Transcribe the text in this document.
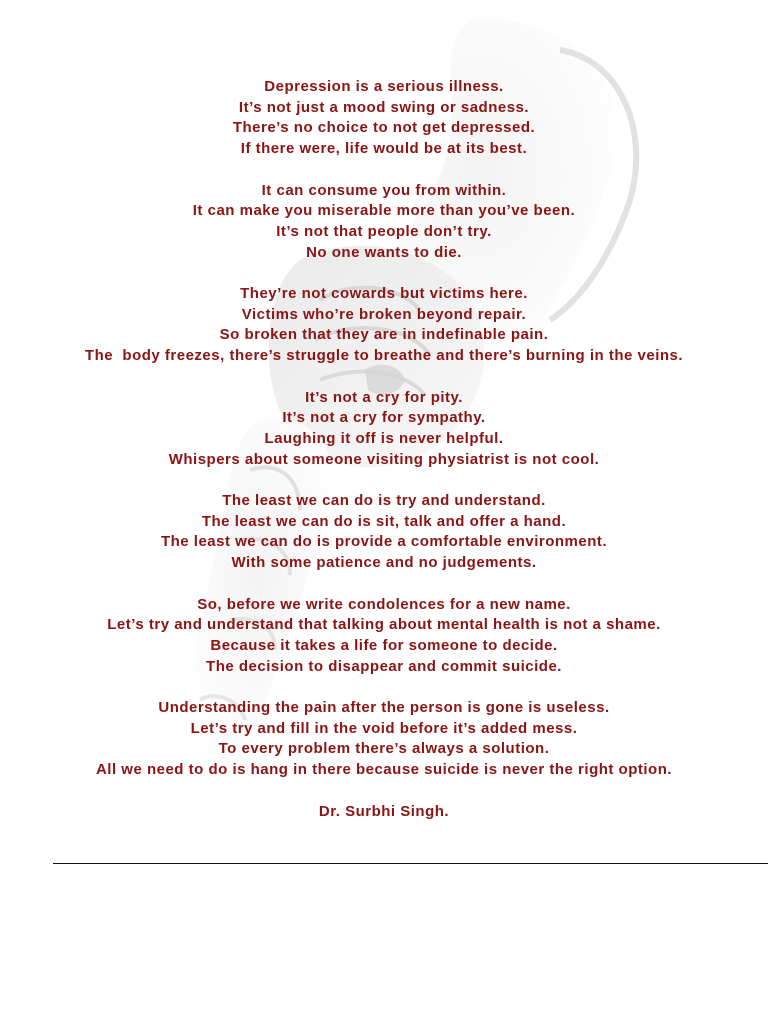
Depression is a serious illness.
It’s not just a mood swing or sadness.
There’s no choice to not get depressed.
If there were, life would be at its best.
It can consume you from within.
It can make you miserable more than you’ve been.
It’s not that people don’t try.
No one wants to die.
They’re not cowards but victims here.
Victims who’re broken beyond repair.
So broken that they are in indefinable pain.
The  body freezes, there’s struggle to breathe and there’s burning in the veins.
It’s not a cry for pity.
It’s not a cry for sympathy.
Laughing it off is never helpful.
Whispers about someone visiting physiatrist is not cool.
The least we can do is try and understand.
The least we can do is sit, talk and offer a hand.
The least we can do is provide a comfortable environment.
With some patience and no judgements.
So, before we write condolences for a new name.
Let’s try and understand that talking about mental health is not a shame.
Because it takes a life for someone to decide.
The decision to disappear and commit suicide.
Understanding the pain after the person is gone is useless.
Let’s try and fill in the void before it’s added mess.
To every problem there’s always a solution.
All we need to do is hang in there because suicide is never the right option.
Dr. Surbhi Singh.
